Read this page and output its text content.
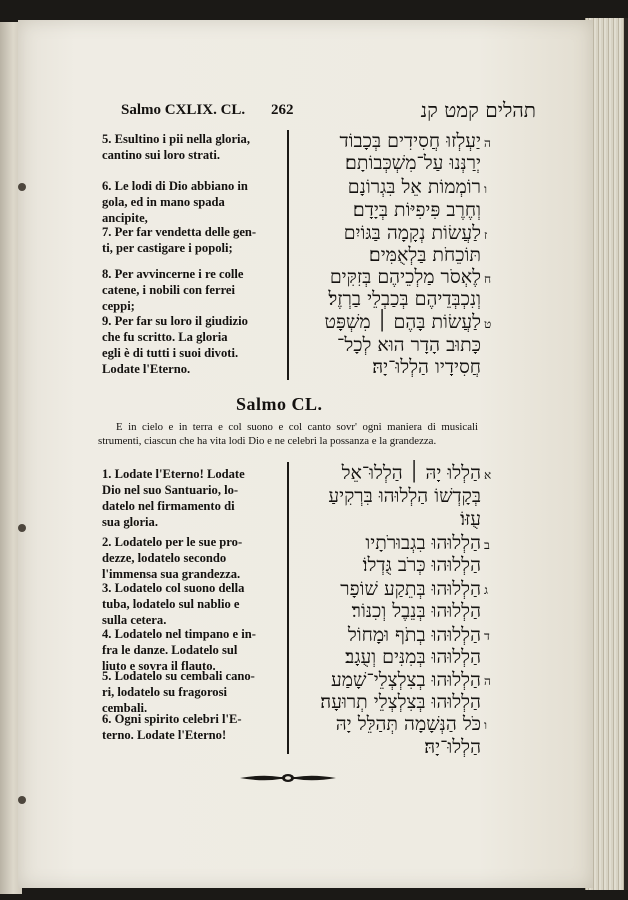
Salmo CXLIX. CL. 262	תהלים קמט קנ
5. Esultino i pii nella gloria,
cantino sui loro strati.
6. Le lodi di Dio abbiano in
gola, ed in mano spada
ancipite,
7. Per far vendetta delle gen-
ti, per castigare i popoli;
8. Per avvincerne i re colle
catene, i nobili con ferrei
ceppi;
9. Per far su loro il giudizio
che fu scritto. La gloria
egli è di tutti i suoi divoti.
Lodate l'Eterno.
יַעְלְזוּ חֲסִידִים בְּכָבוֹד
יְרַנְּנוּ עַל־מִשְׁכְּבוֹתָם׃
רוֹמְמוֹת אֵל בִּגְרוֹנָם
וְחֶרֶב פִּיפִיּוֹת בְּיָדָם׃
לַעֲשׂוֹת נְקָמָה בַּגּוֹיִם
תּוֹכֵחֹת בַּלְאֻמִּים׃
לֶאְסֹר מַלְכֵיהֶם בְּזִקִּים
וְנִכְבְּדֵיהֶם בְּכַבְלֵי בַרְזֶל׃
לַעֲשׂוֹת בָּהֶם ׀ מִשְׁפָּט
כָּתוּב הָדָר הוּא לְכָל־
חֲסִידָיו הַלְלוּ־יָהּ׃
ה
ו
ז
ח
ט
Salmo CL.
E in cielo e in terra e col suono e col canto sovr' ogni maniera di musicali strumenti, ciascun che ha vita lodi Dio e ne celebri la possanza e la grandezza.
1. Lodate l'Eterno! Lodate
Dio nel suo Santuario, lo-
datelo nel firmamento di
sua gloria.
2. Lodatelo per le sue pro-
dezze, lodatelo secondo
l'immensa sua grandezza.
3. Lodatelo col suono della
tuba, lodatelo sul nablio e
sulla cetera.
4. Lodatelo nel timpano e in-
fra le danze. Lodatelo sul
liuto e sovra il flauto.
5. Lodatelo su cembali cano-
ri, lodatelo su fragorosi
cembali.
6. Ogni spirito celebri l'E-
terno. Lodate l'Eterno!
הַלְלוּ יָהּ ׀ הַלְלוּ־אֵל
בְּקָדְשׁוֹ הַלְלוּהוּ בִּרְקִיעַ
עֻזּוֹ׃
הַלְלוּהוּ בִגְבוּרֹתָיו
הַלְלוּהוּ כְּרֹב גֻּדְלוֹ׃
הַלְלוּהוּ בְּתֵקַע שׁוֹפָר
הַלְלוּהוּ בְּנֵבֶל וְכִנּוֹר׃
הַלְלוּהוּ בְתֹף וּמָחוֹל
הַלְלוּהוּ בְּמִנִּים וְעֻגָב׃
הַלְלוּהוּ בְצִלְצְלֵי־שָׁמַע
הַלְלוּהוּ בְּצִלְצְלֵי תְרוּעָה׃
כֹּל הַנְּשָׁמָה תְּהַלֵּל יָהּ
הַלְלוּ־יָהּ׃
א
ב
ג
ד
ה
ו
